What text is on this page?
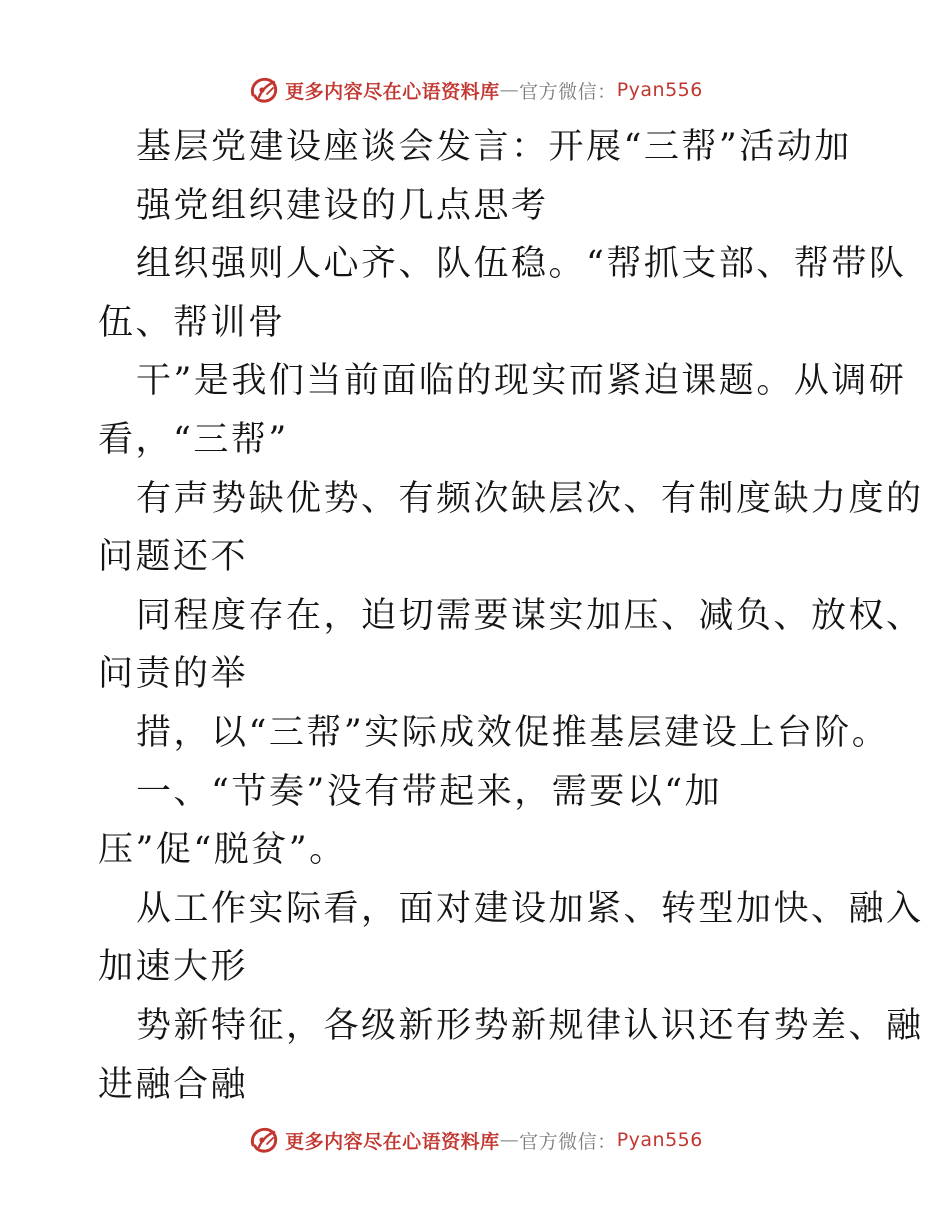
更多内容尽在心语资料库 — 官方微信： Pyan556
基层党建设座谈会发言：开展“三帮”活动加
强党组织建设的几点思考
组织强则人心齐、队伍稳。“帮抓支部、帮带队
伍、帮训骨
干”是我们当前面临的现实而紧迫课题。从调研
看，“三帮”
有声势缺优势、有频次缺层次、有制度缺力度的
问题还不
同程度存在，迫切需要谋实加压、减负、放权、
问责的举
措，以“三帮”实际成效促推基层建设上台阶。
一、“节奏”没有带起来，需要以“加
压”促“脱贫”。
从工作实际看，面对建设加紧、转型加快、融入
加速大形
势新特征，各级新形势新规律认识还有势差、融
进融合融
更多内容尽在心语资料库 — 官方微信： Pyan556
